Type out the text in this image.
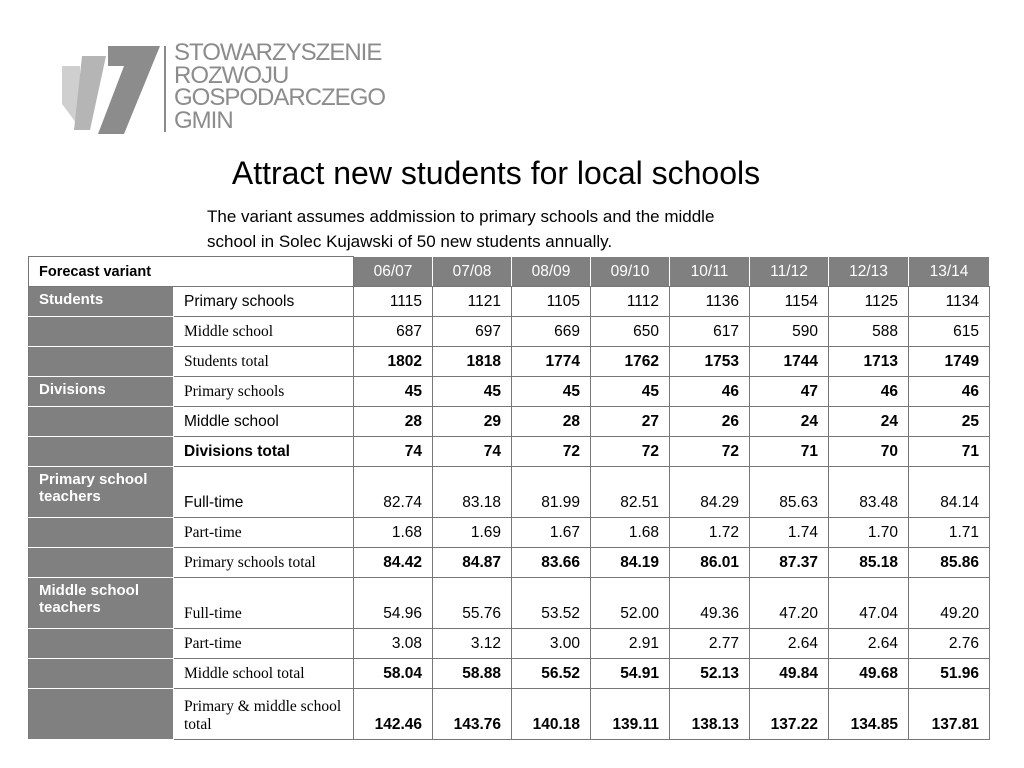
STOWARZYSZENIE
ROZWOJU
GOSPODARCZEGO
GMIN
Attract new students for local schools
The variant assumes addmission to primary schools and the middle
school in Solec Kujawski of 50 new students annually.
Forecast variant		06/07	07/08	08/09	09/10	10/11	11/12	12/13	13/14
Students	Primary schools	1115	1121	1105	1112	1136	1154	1125	1134
	Middle school	687	697	669	650	617	590	588	615
	Students total	1802	1818	1774	1762	1753	1744	1713	1749
Divisions	Primary schools	45	45	45	45	46	47	46	46
	Middle school	28	29	28	27	26	24	24	25
	Divisions total	74	74	72	72	72	71	70	71
Primary school teachers	Full-time	82.74	83.18	81.99	82.51	84.29	85.63	83.48	84.14
	Part-time	1.68	1.69	1.67	1.68	1.72	1.74	1.70	1.71
	Primary schools total	84.42	84.87	83.66	84.19	86.01	87.37	85.18	85.86
Middle school teachers	Full-time	54.96	55.76	53.52	52.00	49.36	47.20	47.04	49.20
	Part-time	3.08	3.12	3.00	2.91	2.77	2.64	2.64	2.76
	Middle school total	58.04	58.88	56.52	54.91	52.13	49.84	49.68	51.96
	Primary & middle school total	142.46	143.76	140.18	139.11	138.13	137.22	134.85	137.81
